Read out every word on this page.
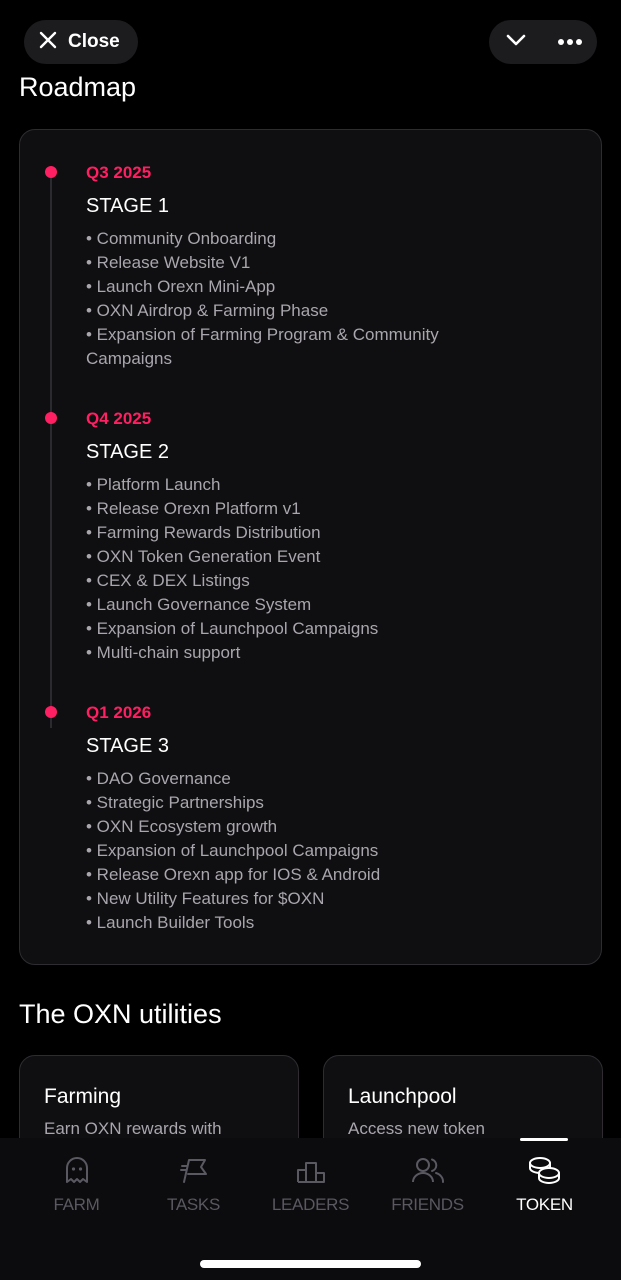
Close
Roadmap
Q3 2025
STAGE 1
• Community Onboarding
• Release Website V1
• Launch Orexn Mini-App
• OXN Airdrop & Farming Phase
• Expansion of Farming Program & Community Campaigns
Q4 2025
STAGE 2
• Platform Launch
• Release Orexn Platform v1
• Farming Rewards Distribution
• OXN Token Generation Event
• CEX & DEX Listings
• Launch Governance System
• Expansion of Launchpool Campaigns
• Multi-chain support
Q1 2026
STAGE 3
• DAO Governance
• Strategic Partnerships
• OXN Ecosystem growth
• Expansion of Launchpool Campaigns
• Release Orexn app for IOS & Android
• New Utility Features for $OXN
• Launch Builder Tools
The OXN utilities
Farming
Earn OXN rewards with
Launchpool
Access new token
FARM	TASKS	LEADERS	FRIENDS	TOKEN
